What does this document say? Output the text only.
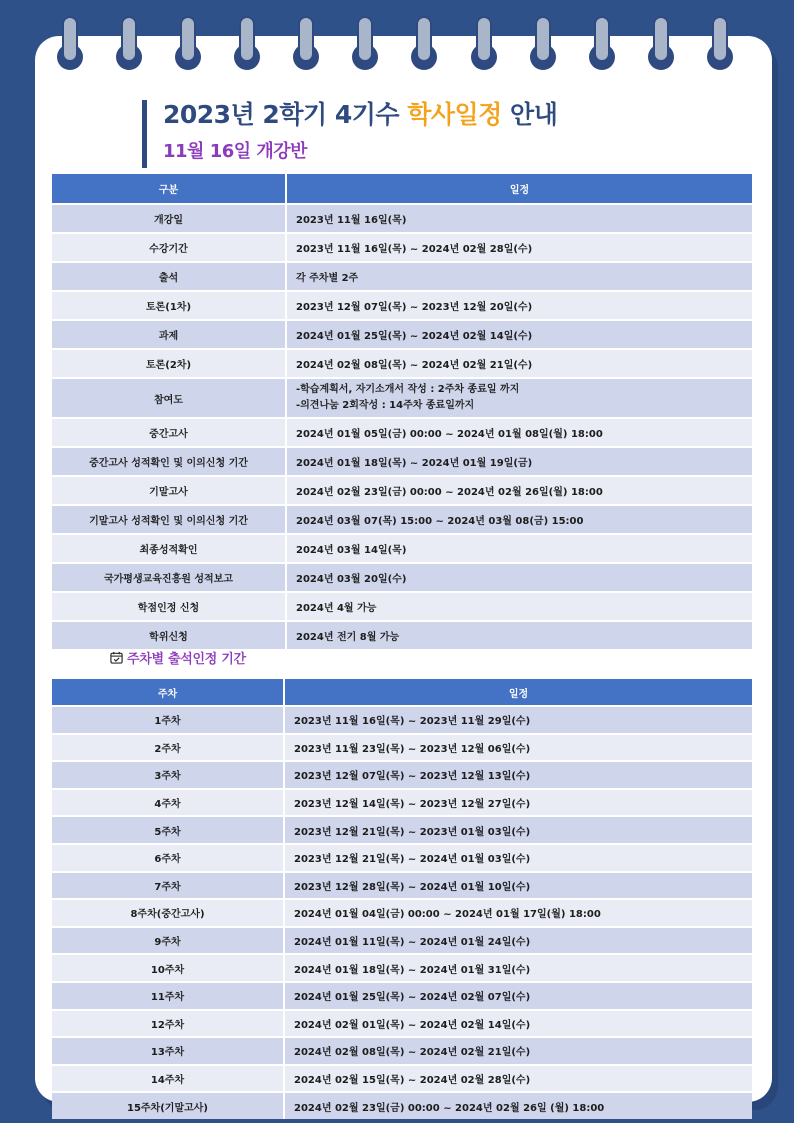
2023년 2학기 4기수 학사일정 안내
11월 16일 개강반
구분	일정
개강일	2023년 11월 16일(목)
수강기간	2023년 11월 16일(목) ~ 2024년 02월 28일(수)
출석	각 주차별 2주
토론(1차)	2023년 12월 07일(목) ~ 2023년 12월 20일(수)
과제	2024년 01월 25일(목) ~ 2024년 02월 14일(수)
토론(2차)	2024년 02월 08일(목) ~ 2024년 02월 21일(수)
참여도	-학습계획서, 자기소개서 작성 : 2주차 종료일 까지
-의견나눔 2회작성 : 14주차 종료일까지

중간고사	2024년 01월 05일(금) 00:00 ~ 2024년 01월 08일(월) 18:00
중간고사 성적확인 및 이의신청 기간	2024년 01월 18일(목) ~ 2024년 01월 19일(금)
기말고사	2024년 02월 23일(금) 00:00 ~ 2024년 02월 26일(월) 18:00
기말고사 성적확인 및 이의신청 기간	2024년 03월 07(목) 15:00 ~ 2024년 03월 08(금) 15:00
최종성적확인	2024년 03월 14일(목)
국가평생교육진흥원 성적보고	2024년 03월 20일(수)
학점인정 신청	2024년 4월 가능
학위신청	2024년 전기 8월 가능
주차별 출석인정 기간
주차	일정
1주차	2023년 11월 16일(목) ~ 2023년 11월 29일(수)
2주차	2023년 11월 23일(목) ~ 2023년 12월 06일(수)
3주차	2023년 12월 07일(목) ~ 2023년 12월 13일(수)
4주차	2023년 12월 14일(목) ~ 2023년 12월 27일(수)
5주차	2023년 12월 21일(목) ~ 2023년 01월 03일(수)
6주차	2023년 12월 21일(목) ~ 2024년 01월 03일(수)
7주차	2023년 12월 28일(목) ~ 2024년 01월 10일(수)
8주차(중간고사)	2024년 01월 04일(금) 00:00 ~ 2024년 01월 17일(월) 18:00
9주차	2024년 01월 11일(목) ~ 2024년 01월 24일(수)
10주차	2024년 01월 18일(목) ~ 2024년 01월 31일(수)
11주차	2024년 01월 25일(목) ~ 2024년 02월 07일(수)
12주차	2024년 02월 01일(목) ~ 2024년 02월 14일(수)
13주차	2024년 02월 08일(목) ~ 2024년 02월 21일(수)
14주차	2024년 02월 15일(목) ~ 2024년 02월 28일(수)
15주차(기말고사)	2024년 02월 23일(금) 00:00 ~ 2024년 02월 26일 (월) 18:00
